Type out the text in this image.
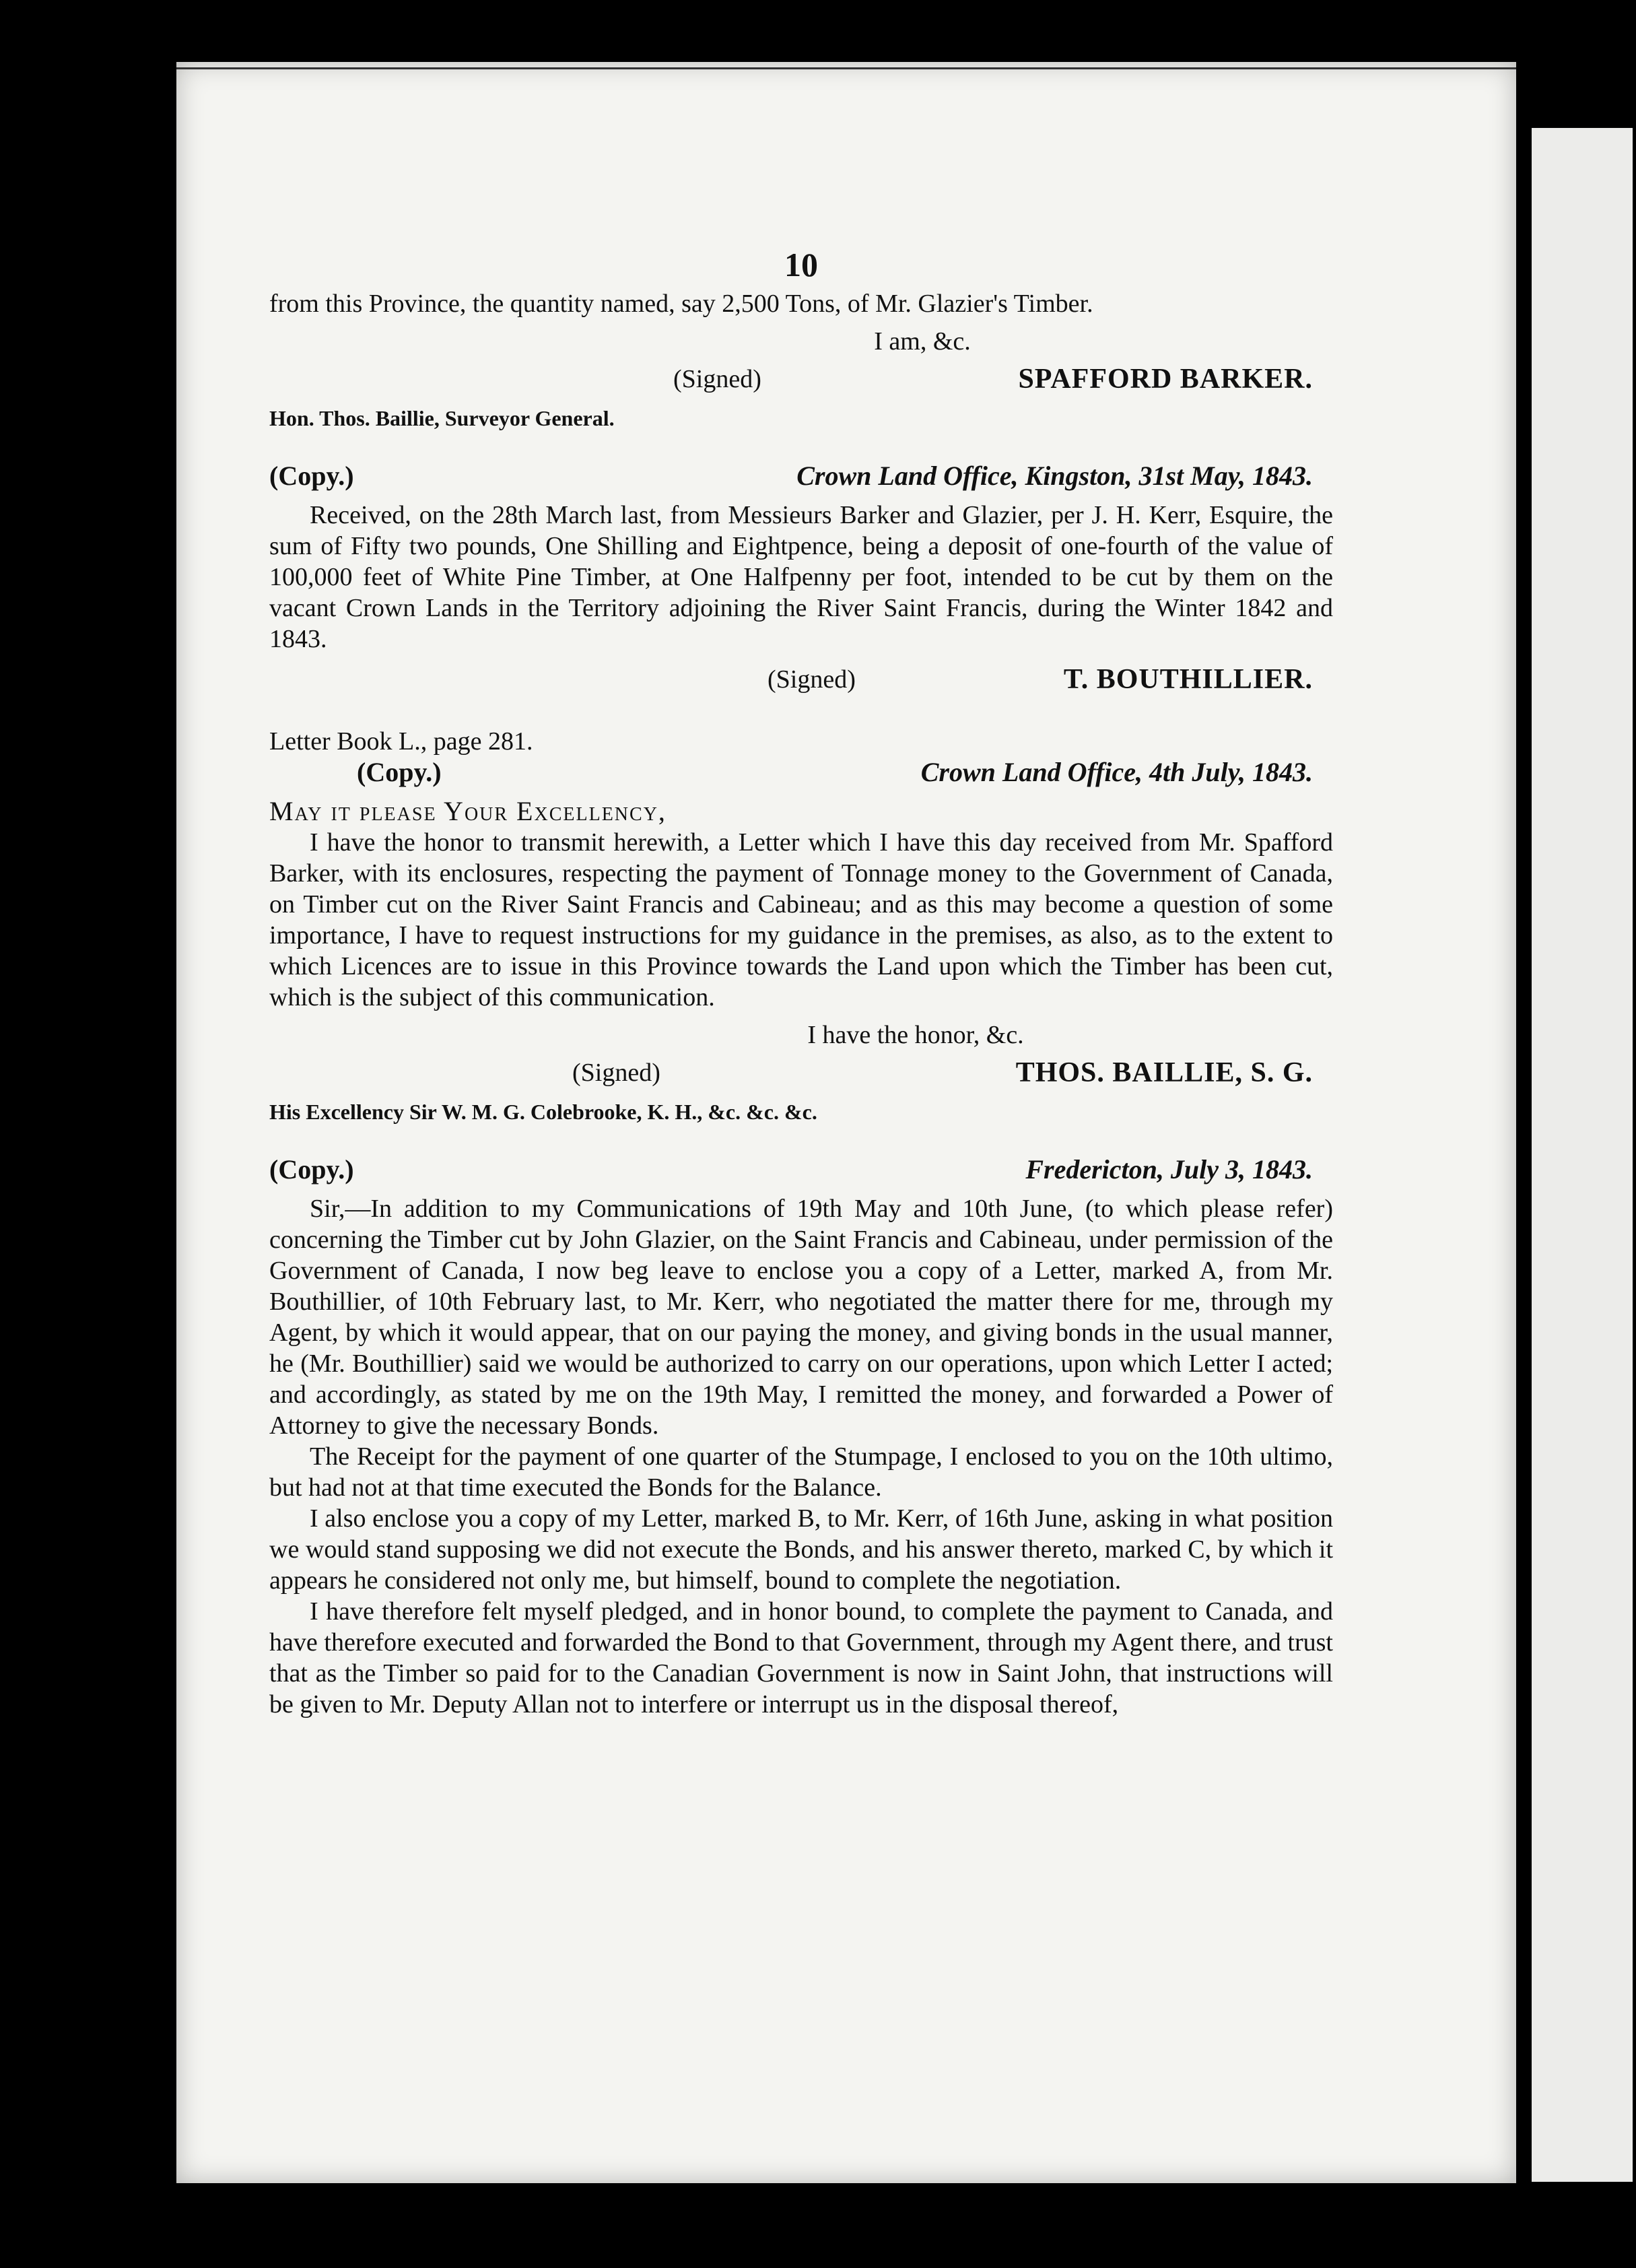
10

from this Province, the quantity named, say 2,500 Tons, of Mr. Glazier's Timber.

I am, &c.
(Signed)	SPAFFORD BARKER.
Hon. Thos. Baillie, Surveyor General.
(Copy.)	Crown Land Office, Kingston, 31st May, 1843.

Received, on the 28th March last, from Messieurs Barker and Glazier, per J. H. Kerr, Esquire, the sum of Fifty two pounds, One Shilling and Eightpence, being a deposit of one-fourth of the value of 100,000 feet of White Pine Timber, at One Halfpenny per foot, intended to be cut by them on the vacant Crown Lands in the Territory adjoining the River Saint Francis, during the Winter 1842 and 1843.

(Signed)	T. BOUTHILLIER.
Letter Book L., page 281.
(Copy.)	Crown Land Office, 4th July, 1843.
May it please Your Excellency,

I have the honor to transmit herewith, a Letter which I have this day received from Mr. Spafford Barker, with its enclosures, respecting the payment of Tonnage money to the Government of Canada, on Timber cut on the River Saint Francis and Cabineau; and as this may become a question of some importance, I have to request instructions for my guidance in the premises, as also, as to the extent to which Licences are to issue in this Province towards the Land upon which the Timber has been cut, which is the subject of this communication.

I have the honor, &c.
(Signed)	THOS. BAILLIE, S. G.
His Excellency Sir W. M. G. Colebrooke, K. H., &c. &c. &c.
(Copy.)	Fredericton, July 3, 1843.

Sir,—In addition to my Communications of 19th May and 10th June, (to which please refer) concerning the Timber cut by John Glazier, on the Saint Francis and Cabineau, under permission of the Government of Canada, I now beg leave to enclose you a copy of a Letter, marked A, from Mr. Bouthillier, of 10th February last, to Mr. Kerr, who negotiated the matter there for me, through my Agent, by which it would appear, that on our paying the money, and giving bonds in the usual manner, he (Mr. Bouthillier) said we would be authorized to carry on our operations, upon which Letter I acted; and accordingly, as stated by me on the 19th May, I remitted the money, and forwarded a Power of Attorney to give the necessary Bonds.

The Receipt for the payment of one quarter of the Stumpage, I enclosed to you on the 10th ultimo, but had not at that time executed the Bonds for the Balance.

I also enclose you a copy of my Letter, marked B, to Mr. Kerr, of 16th June, asking in what position we would stand supposing we did not execute the Bonds, and his answer thereto, marked C, by which it appears he considered not only me, but himself, bound to complete the negotiation.

I have therefore felt myself pledged, and in honor bound, to complete the payment to Canada, and have therefore executed and forwarded the Bond to that Government, through my Agent there, and trust that as the Timber so paid for to the Canadian Government is now in Saint John, that instructions will be given to Mr. Deputy Allan not to interfere or interrupt us in the disposal thereof,
